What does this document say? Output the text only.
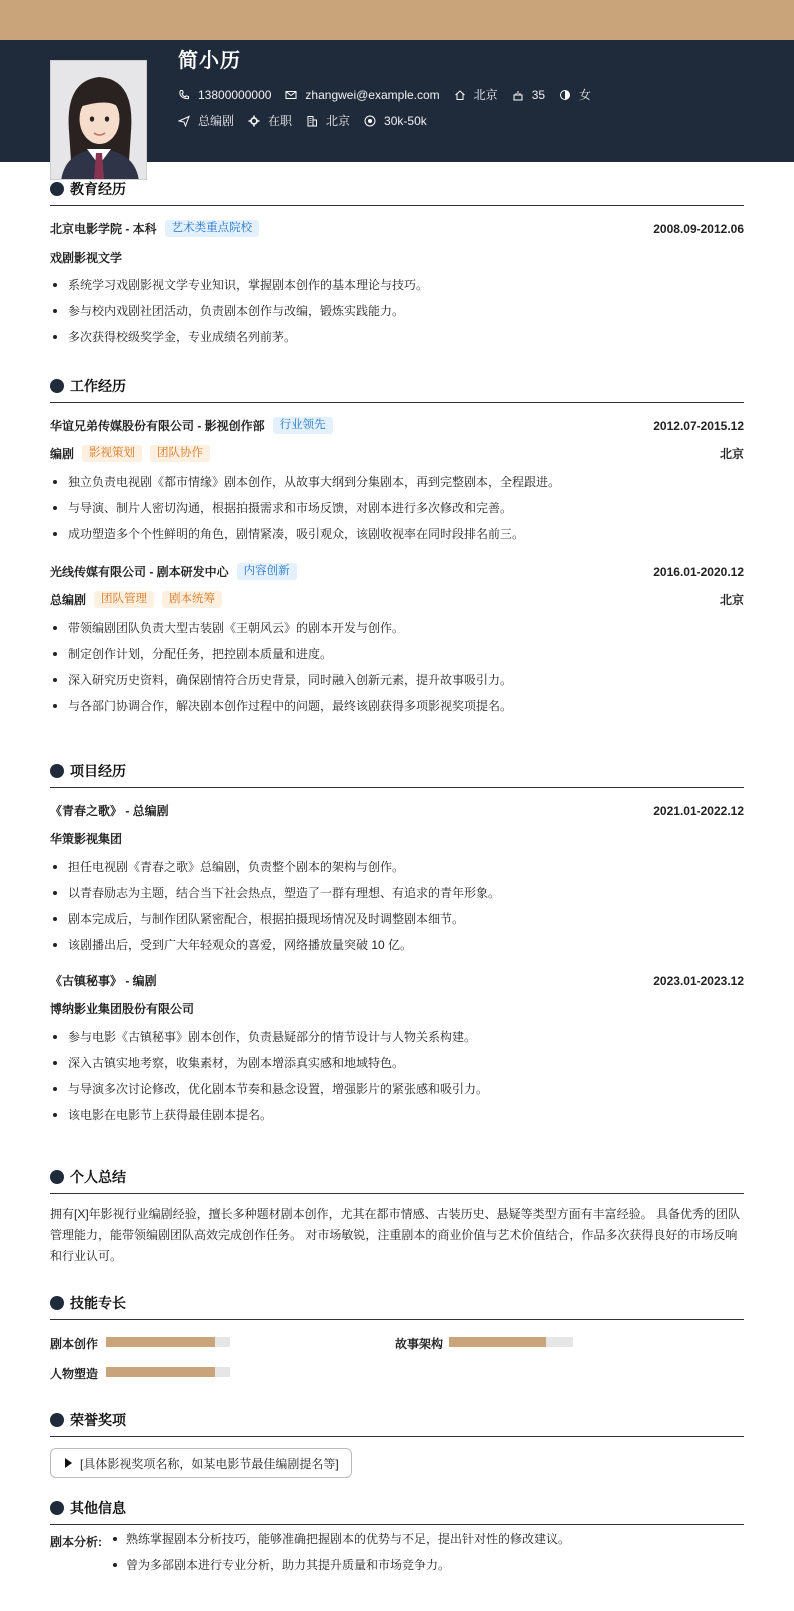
简小历
13800000000	zhangwei@example.com	北京	35	女
总编剧	在职	北京	30k-50k
教育经历
北京电影学院 - 本科	艺术类重点院校	2008.09-2012.06
戏剧影视文学
系统学习戏剧影视文学专业知识，掌握剧本创作的基本理论与技巧。
参与校内戏剧社团活动，负责剧本创作与改编，锻炼实践能力。
多次获得校级奖学金，专业成绩名列前茅。
工作经历
华谊兄弟传媒股份有限公司 - 影视创作部	行业领先	2012.07-2015.12
编剧	影视策划	团队协作	北京
独立负责电视剧《都市情缘》剧本创作，从故事大纲到分集剧本，再到完整剧本，全程跟进。
与导演、制片人密切沟通，根据拍摄需求和市场反馈，对剧本进行多次修改和完善。
成功塑造多个个性鲜明的角色，剧情紧凑，吸引观众，该剧收视率在同时段排名前三。
光线传媒有限公司 - 剧本研发中心	内容创新	2016.01-2020.12
总编剧	团队管理	剧本统筹	北京
带领编剧团队负责大型古装剧《王朝风云》的剧本开发与创作。
制定创作计划，分配任务，把控剧本质量和进度。
深入研究历史资料，确保剧情符合历史背景，同时融入创新元素，提升故事吸引力。
与各部门协调合作，解决剧本创作过程中的问题，最终该剧获得多项影视奖项提名。
项目经历
《青春之歌》 - 总编剧	2021.01-2022.12
华策影视集团
担任电视剧《青春之歌》总编剧，负责整个剧本的架构与创作。
以青春励志为主题，结合当下社会热点，塑造了一群有理想、有追求的青年形象。
剧本完成后，与制作团队紧密配合，根据拍摄现场情况及时调整剧本细节。
该剧播出后，受到广大年轻观众的喜爱，网络播放量突破 10 亿。
《古镇秘事》 - 编剧	2023.01-2023.12
博纳影业集团股份有限公司
参与电影《古镇秘事》剧本创作，负责悬疑部分的情节设计与人物关系构建。
深入古镇实地考察，收集素材，为剧本增添真实感和地域特色。
与导演多次讨论修改，优化剧本节奏和悬念设置，增强影片的紧张感和吸引力。
该电影在电影节上获得最佳剧本提名。
个人总结
拥有[X]年影视行业编剧经验，擅长多种题材剧本创作，尤其在都市情感、古装历史、悬疑等类型方面有丰富经验。 具备优秀的团队管理能力，能带领编剧团队高效完成创作任务。 对市场敏锐，注重剧本的商业价值与艺术价值结合，作品多次获得良好的市场反响和行业认可。
技能专长
剧本创作	故事架构
人物塑造
荣誉奖项
[具体影视奖项名称，如某电影节最佳编剧提名等]
其他信息
剧本分析:	熟练掌握剧本分析技巧，能够准确把握剧本的优势与不足，提出针对性的修改建议。
曾为多部剧本进行专业分析，助力其提升质量和市场竞争力。
